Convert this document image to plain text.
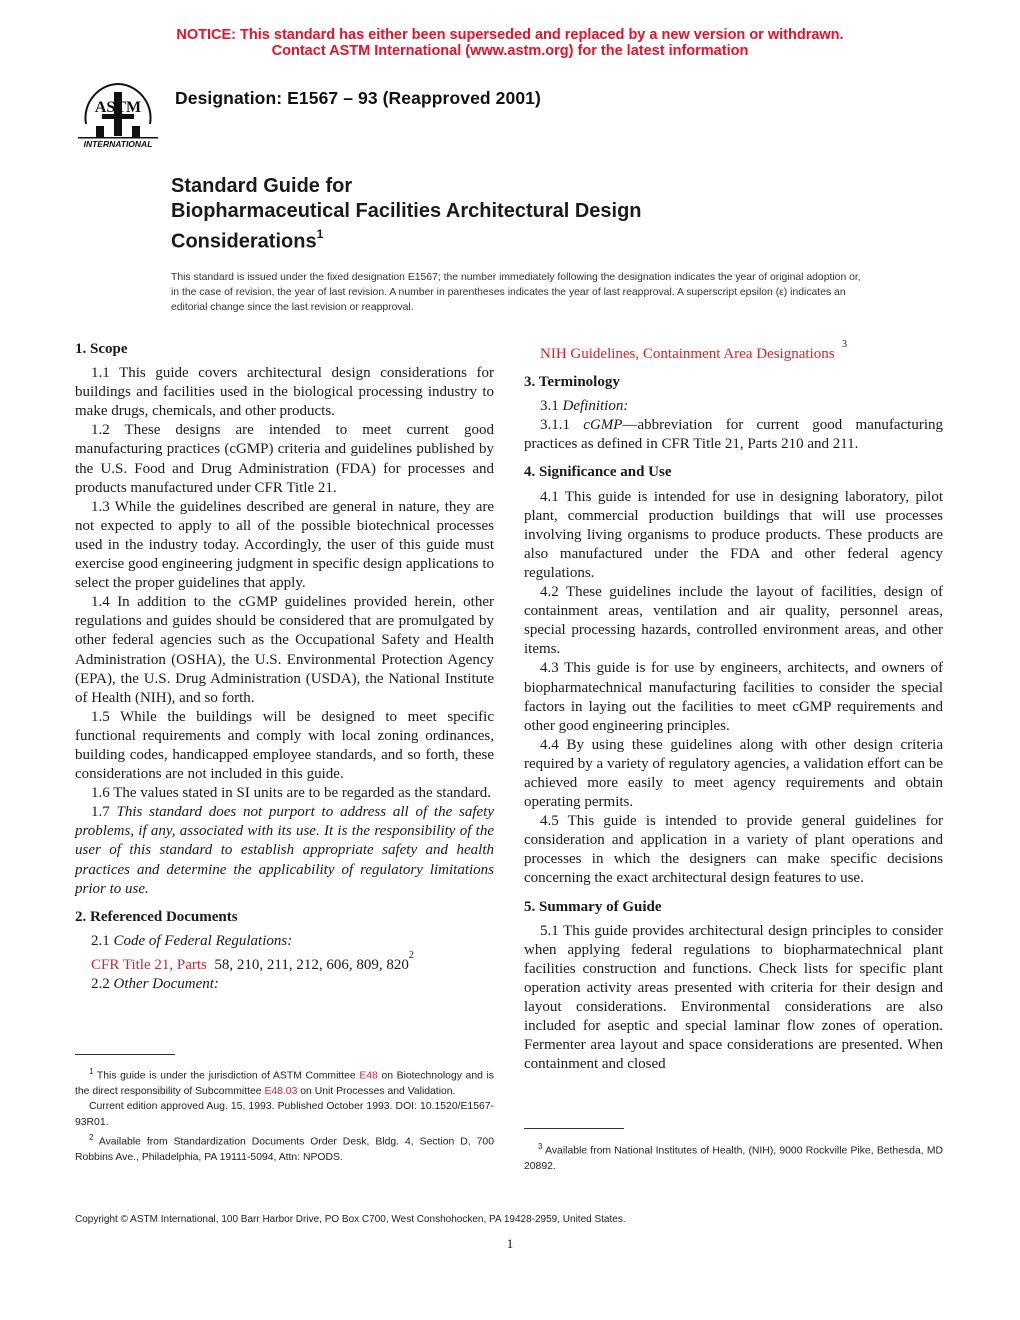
NOTICE: This standard has either been superseded and replaced by a new version or withdrawn.
Contact ASTM International (www.astm.org) for the latest information
ASTM
INTERNATIONAL
Designation: E1567 – 93 (Reapproved 2001)
Standard Guide for
Biopharmaceutical Facilities Architectural Design
Considerations$^1$
This standard is issued under the fixed designation E1567; the number immediately following the designation indicates the year of original adoption or, in the case of revision, the year of last revision. A number in parentheses indicates the year of last reapproval. A superscript epsilon (ε) indicates an editorial change since the last revision or reapproval.
1. Scope

1.1 This guide covers architectural design considerations for buildings and facilities used in the biological processing industry to make drugs, chemicals, and other products.

1.2 These designs are intended to meet current good manufacturing practices (cGMP) criteria and guidelines published by the U.S. Food and Drug Administration (FDA) for processes and products manufactured under CFR Title 21.

1.3 While the guidelines described are general in nature, they are not expected to apply to all of the possible biotechnical processes used in the industry today. Accordingly, the user of this guide must exercise good engineering judgment in specific design applications to select the proper guidelines that apply.

1.4 In addition to the cGMP guidelines provided herein, other regulations and guides should be considered that are promulgated by other federal agencies such as the Occupational Safety and Health Administration (OSHA), the U.S. Environmental Protection Agency (EPA), the U.S. Drug Administration (USDA), the National Institute of Health (NIH), and so forth.

1.5 While the buildings will be designed to meet specific functional requirements and comply with local zoning ordinances, building codes, handicapped employee standards, and so forth, these considerations are not included in this guide.

1.6 The values stated in SI units are to be regarded as the standard.

1.7 This standard does not purport to address all of the safety problems, if any, associated with its use. It is the responsibility of the user of this standard to establish appropriate safety and health practices and determine the applicability of regulatory limitations prior to use.

2. Referenced Documents

2.1 Code of Federal Regulations:

CFR Title 21, Parts 58, 210, 211, 212, 606, 809, $820^2$

2.2 Other Document:

NIH Guidelines, Containment Area Designations  $^3$

3. Terminology

3.1 Definition:

3.1.1 cGMP—abbreviation for current good manufacturing practices as defined in CFR Title 21, Parts 210 and 211.

4. Significance and Use

4.1 This guide is intended for use in designing laboratory, pilot plant, commercial production buildings that will use processes involving living organisms to produce products. These products are also manufactured under the FDA and other federal agency regulations.

4.2 These guidelines include the layout of facilities, design of containment areas, ventilation and air quality, personnel areas, special processing hazards, controlled environment areas, and other items.

4.3 This guide is for use by engineers, architects, and owners of biopharmatechnical manufacturing facilities to consider the special factors in laying out the facilities to meet cGMP requirements and other good engineering principles.

4.4 By using these guidelines along with other design criteria required by a variety of regulatory agencies, a validation effort can be achieved more easily to meet agency requirements and obtain operating permits.

4.5 This guide is intended to provide general guidelines for consideration and application in a variety of plant operations and processes in which the designers can make specific decisions concerning the exact architectural design features to use.

5. Summary of Guide

5.1 This guide provides architectural design principles to consider when applying federal regulations to biopharmatechnical plant facilities construction and functions. Check lists for specific plant operation activity areas presented with criteria for their design and layout considerations. Environmental considerations are also included for aseptic and special laminar flow zones of operation. Fermenter area layout and space considerations are presented. When containment and closed

$^1$ This guide is under the jurisdiction of ASTM Committee E48 on Biotechnology and is the direct responsibility of Subcommittee E48.03 on Unit Processes and Validation.

Current edition approved Aug. 15, 1993. Published October 1993. DOI: 10.1520/E1567-93R01.

$^2$ Available from Standardization Documents Order Desk, Bldg. 4, Section D, 700 Robbins Ave., Philadelphia, PA 19111-5094, Attn: NPODS.

$^3$ Available from National Institutes of Health, (NIH), 9000 Rockville Pike, Bethesda, MD 20892.

Copyright © ASTM International, 100 Barr Harbor Drive, PO Box C700, West Conshohocken, PA 19428-2959, United States.
1
